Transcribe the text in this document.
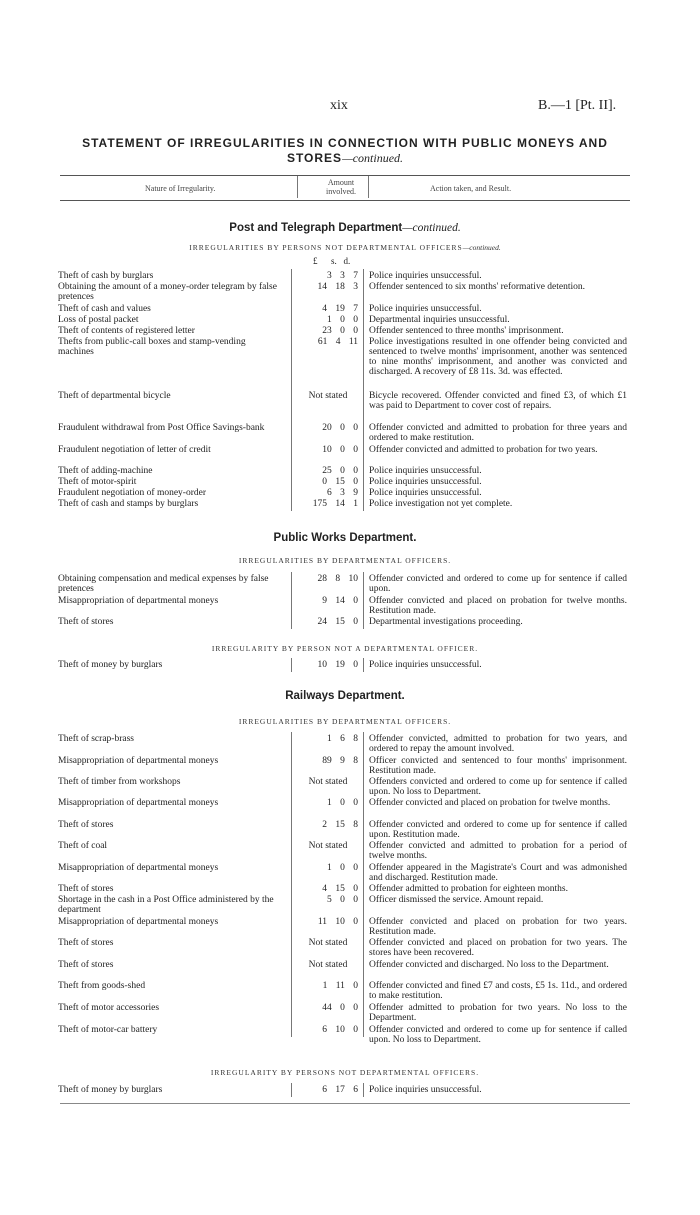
xix	B.—1 [Pt. II].
STATEMENT OF IRREGULARITIES IN CONNECTION WITH PUBLIC MONEYS AND STORES—continued.
Nature of Irregularity.
Amount involved.	Action taken, and Result.
£ s. d.
Post and Telegraph Department—continued.
IRREGULARITIES BY PERSONS NOT DEPARTMENTAL OFFICERS—continued.
Theft of cash by burglars	3 3 7 Police inquiries unsuccessful.
Obtaining the amount of a money-order telegram by false pretences
14 18 3 Offender sentenced to six months' reformative detention.
Theft of cash and values	4 19 7 Police inquiries unsuccessful.
Loss of postal packet	1 0 0 Departmental inquiries unsuccessful.
Theft of contents of registered letter	23 0 0 Offender sentenced to three months' imprisonment.
Thefts from public-call boxes and stamp-vending machines
61 4 11 Police investigations resulted in one offender being convicted and sentenced to twelve months' imprisonment, another was sentenced to nine months' imprisonment, and another was convicted and discharged. A recovery of £8 11s. 3d. was effected.
Theft of departmental bicycle	Not stated	Bicycle recovered. Offender convicted and fined £3, of which £1 was paid to Department to cover cost of repairs.
Fraudulent withdrawal from Post Office Savings-bank	20 0 0 Offender convicted and admitted to probation for three years and ordered to make restitution.
Fraudulent negotiation of letter of credit	10 0 0 Offender convicted and admitted to probation for two years.
Theft of adding-machine	25 0 0 Police inquiries unsuccessful.
Theft of motor-spirit	0 15 0 Police inquiries unsuccessful.
Fraudulent negotiation of money-order	6 3 9 Police inquiries unsuccessful.
Theft of cash and stamps by burglars	175 14 1 Police investigation not yet complete.
Public Works Department.
IRREGULARITIES BY DEPARTMENTAL OFFICERS.
Obtaining compensation and medical expenses by false pretences
28 8 10 Offender convicted and ordered to come up for sentence if called upon.
Misappropriation of departmental moneys	9 14 0 Offender convicted and placed on probation for twelve months. Restitution made.
Theft of stores	24 15 0 Departmental investigations proceeding.
IRREGULARITY BY PERSON NOT A DEPARTMENTAL OFFICER.
Theft of money by burglars	10 19 0 Police inquiries unsuccessful.
Railways Department.
IRREGULARITIES BY DEPARTMENTAL OFFICERS.
Theft of scrap-brass	1 6 8 Offender convicted, admitted to probation for two years, and ordered to repay the amount involved.
Misappropriation of departmental moneys	89 9 8 Officer convicted and sentenced to four months' imprisonment. Restitution made.
Theft of timber from workshops	Not stated	Offenders convicted and ordered to come up for sentence if called upon. No loss to Department.
Misappropriation of departmental moneys	1 0 0 Offender convicted and placed on probation for twelve months.
Theft of stores	2 15 8 Offender convicted and ordered to come up for sentence if called upon. Restitution made.
Theft of coal	Not stated	Offender convicted and admitted to probation for a period of twelve months.
Misappropriation of departmental moneys	1 0 0 Offender appeared in the Magistrate's Court and was admonished and discharged. Restitution made.
Theft of stores	4 15 0 Offender admitted to probation for eighteen months.
Shortage in the cash in a Post Office administered by the department
5 0 0 Officer dismissed the service. Amount repaid.
Misappropriation of departmental moneys	11 10 0 Offender convicted and placed on probation for two years. Restitution made.
Theft of stores	Not stated	Offender convicted and placed on probation for two years. The stores have been recovered.
Theft of stores	Not stated	Offender convicted and discharged. No loss to the Department.
Theft from goods-shed	1 11 0 Offender convicted and fined £7 and costs, £5 1s. 11d., and ordered to make restitution.
Theft of motor accessories	44 0 0 Offender admitted to probation for two years. No loss to the Department.
Theft of motor-car battery	6 10 0 Offender convicted and ordered to come up for sentence if called upon. No loss to Department.
IRREGULARITY BY PERSONS NOT DEPARTMENTAL OFFICERS.
Theft of money by burglars	6 17 6 Police inquiries unsuccessful.
